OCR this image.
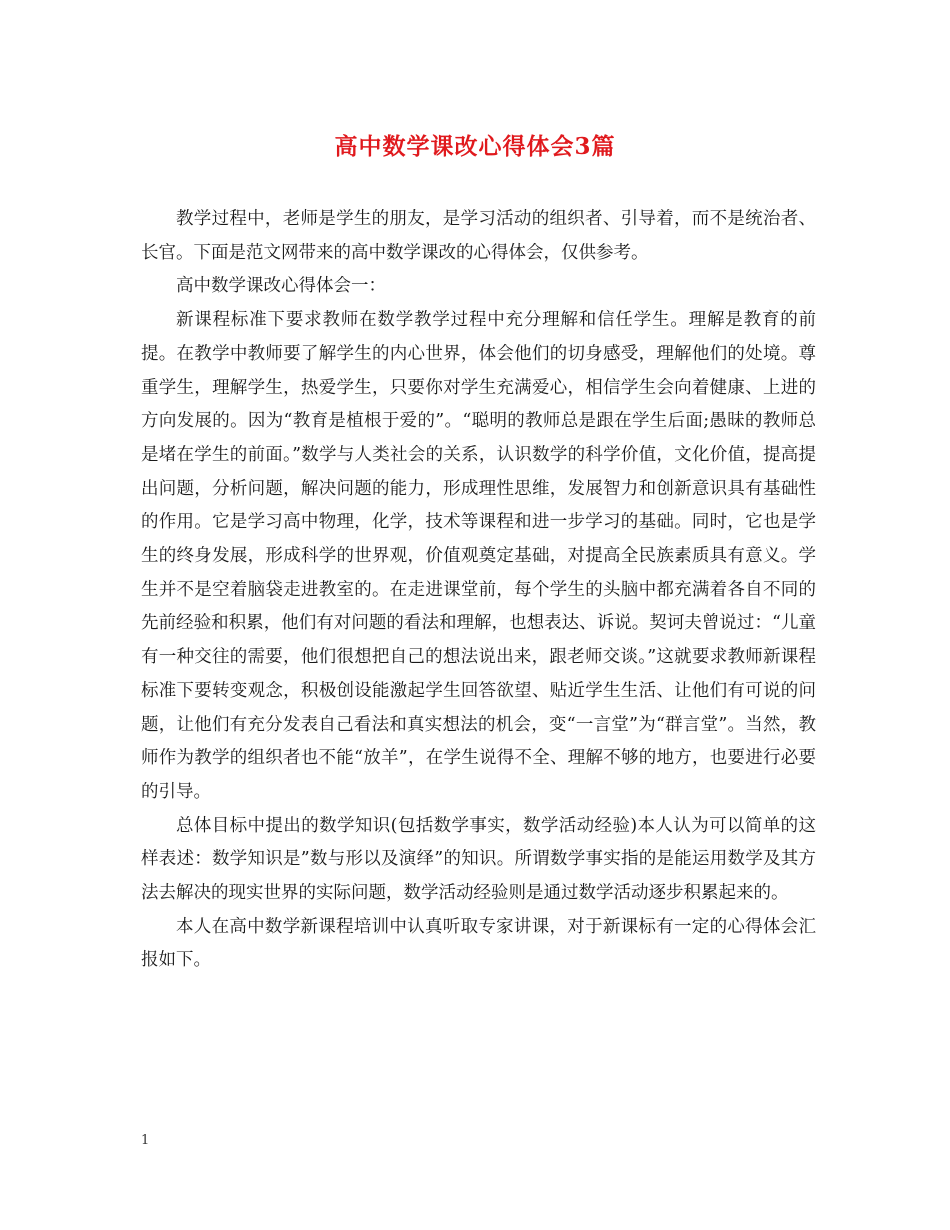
高中数学课改心得体会3篇

教学过程中，老师是学生的朋友，是学习活动的组织者、引导着，而不是统治者、长官。下面是范文网带来的高中数学课改的心得体会，仅供参考。

高中数学课改心得体会一：

新课程标准下要求教师在数学教学过程中充分理解和信任学生。理解是教育的前提。在教学中教师要了解学生的内心世界，体会他们的切身感受，理解他们的处境。尊重学生，理解学生，热爱学生，只要你对学生充满爱心，相信学生会向着健康、上进的方向发展的。因为“教育是植根于爱的”。“聪明的教师总是跟在学生后面;愚昧的教师总是堵在学生的前面。”数学与人类社会的关系，认识数学的科学价值，文化价值，提高提出问题，分析问题，解决问题的能力，形成理性思维，发展智力和创新意识具有基础性的作用。它是学习高中物理，化学，技术等课程和进一步学习的基础。同时，它也是学生的终身发展，形成科学的世界观，价值观奠定基础，对提高全民族素质具有意义。学生并不是空着脑袋走进教室的。在走进课堂前，每个学生的头脑中都充满着各自不同的先前经验和积累，他们有对问题的看法和理解，也想表达、诉说。契诃夫曾说过：“儿童有一种交往的需要，他们很想把自己的想法说出来，跟老师交谈。”这就要求教师新课程标准下要转变观念，积极创设能激起学生回答欲望、贴近学生生活、让他们有可说的问题，让他们有充分发表自己看法和真实想法的机会，变“一言堂”为“群言堂”。当然，教师作为教学的组织者也不能“放羊”，在学生说得不全、理解不够的地方，也要进行必要的引导。

总体目标中提出的数学知识(包括数学事实，数学活动经验)本人认为可以简单的这样表述：数学知识是”数与形以及演绎”的知识。所谓数学事实指的是能运用数学及其方法去解决的现实世界的实际问题，数学活动经验则是通过数学活动逐步积累起来的。

本人在高中数学新课程培训中认真听取专家讲课，对于新课标有一定的心得体会汇报如下。

1
